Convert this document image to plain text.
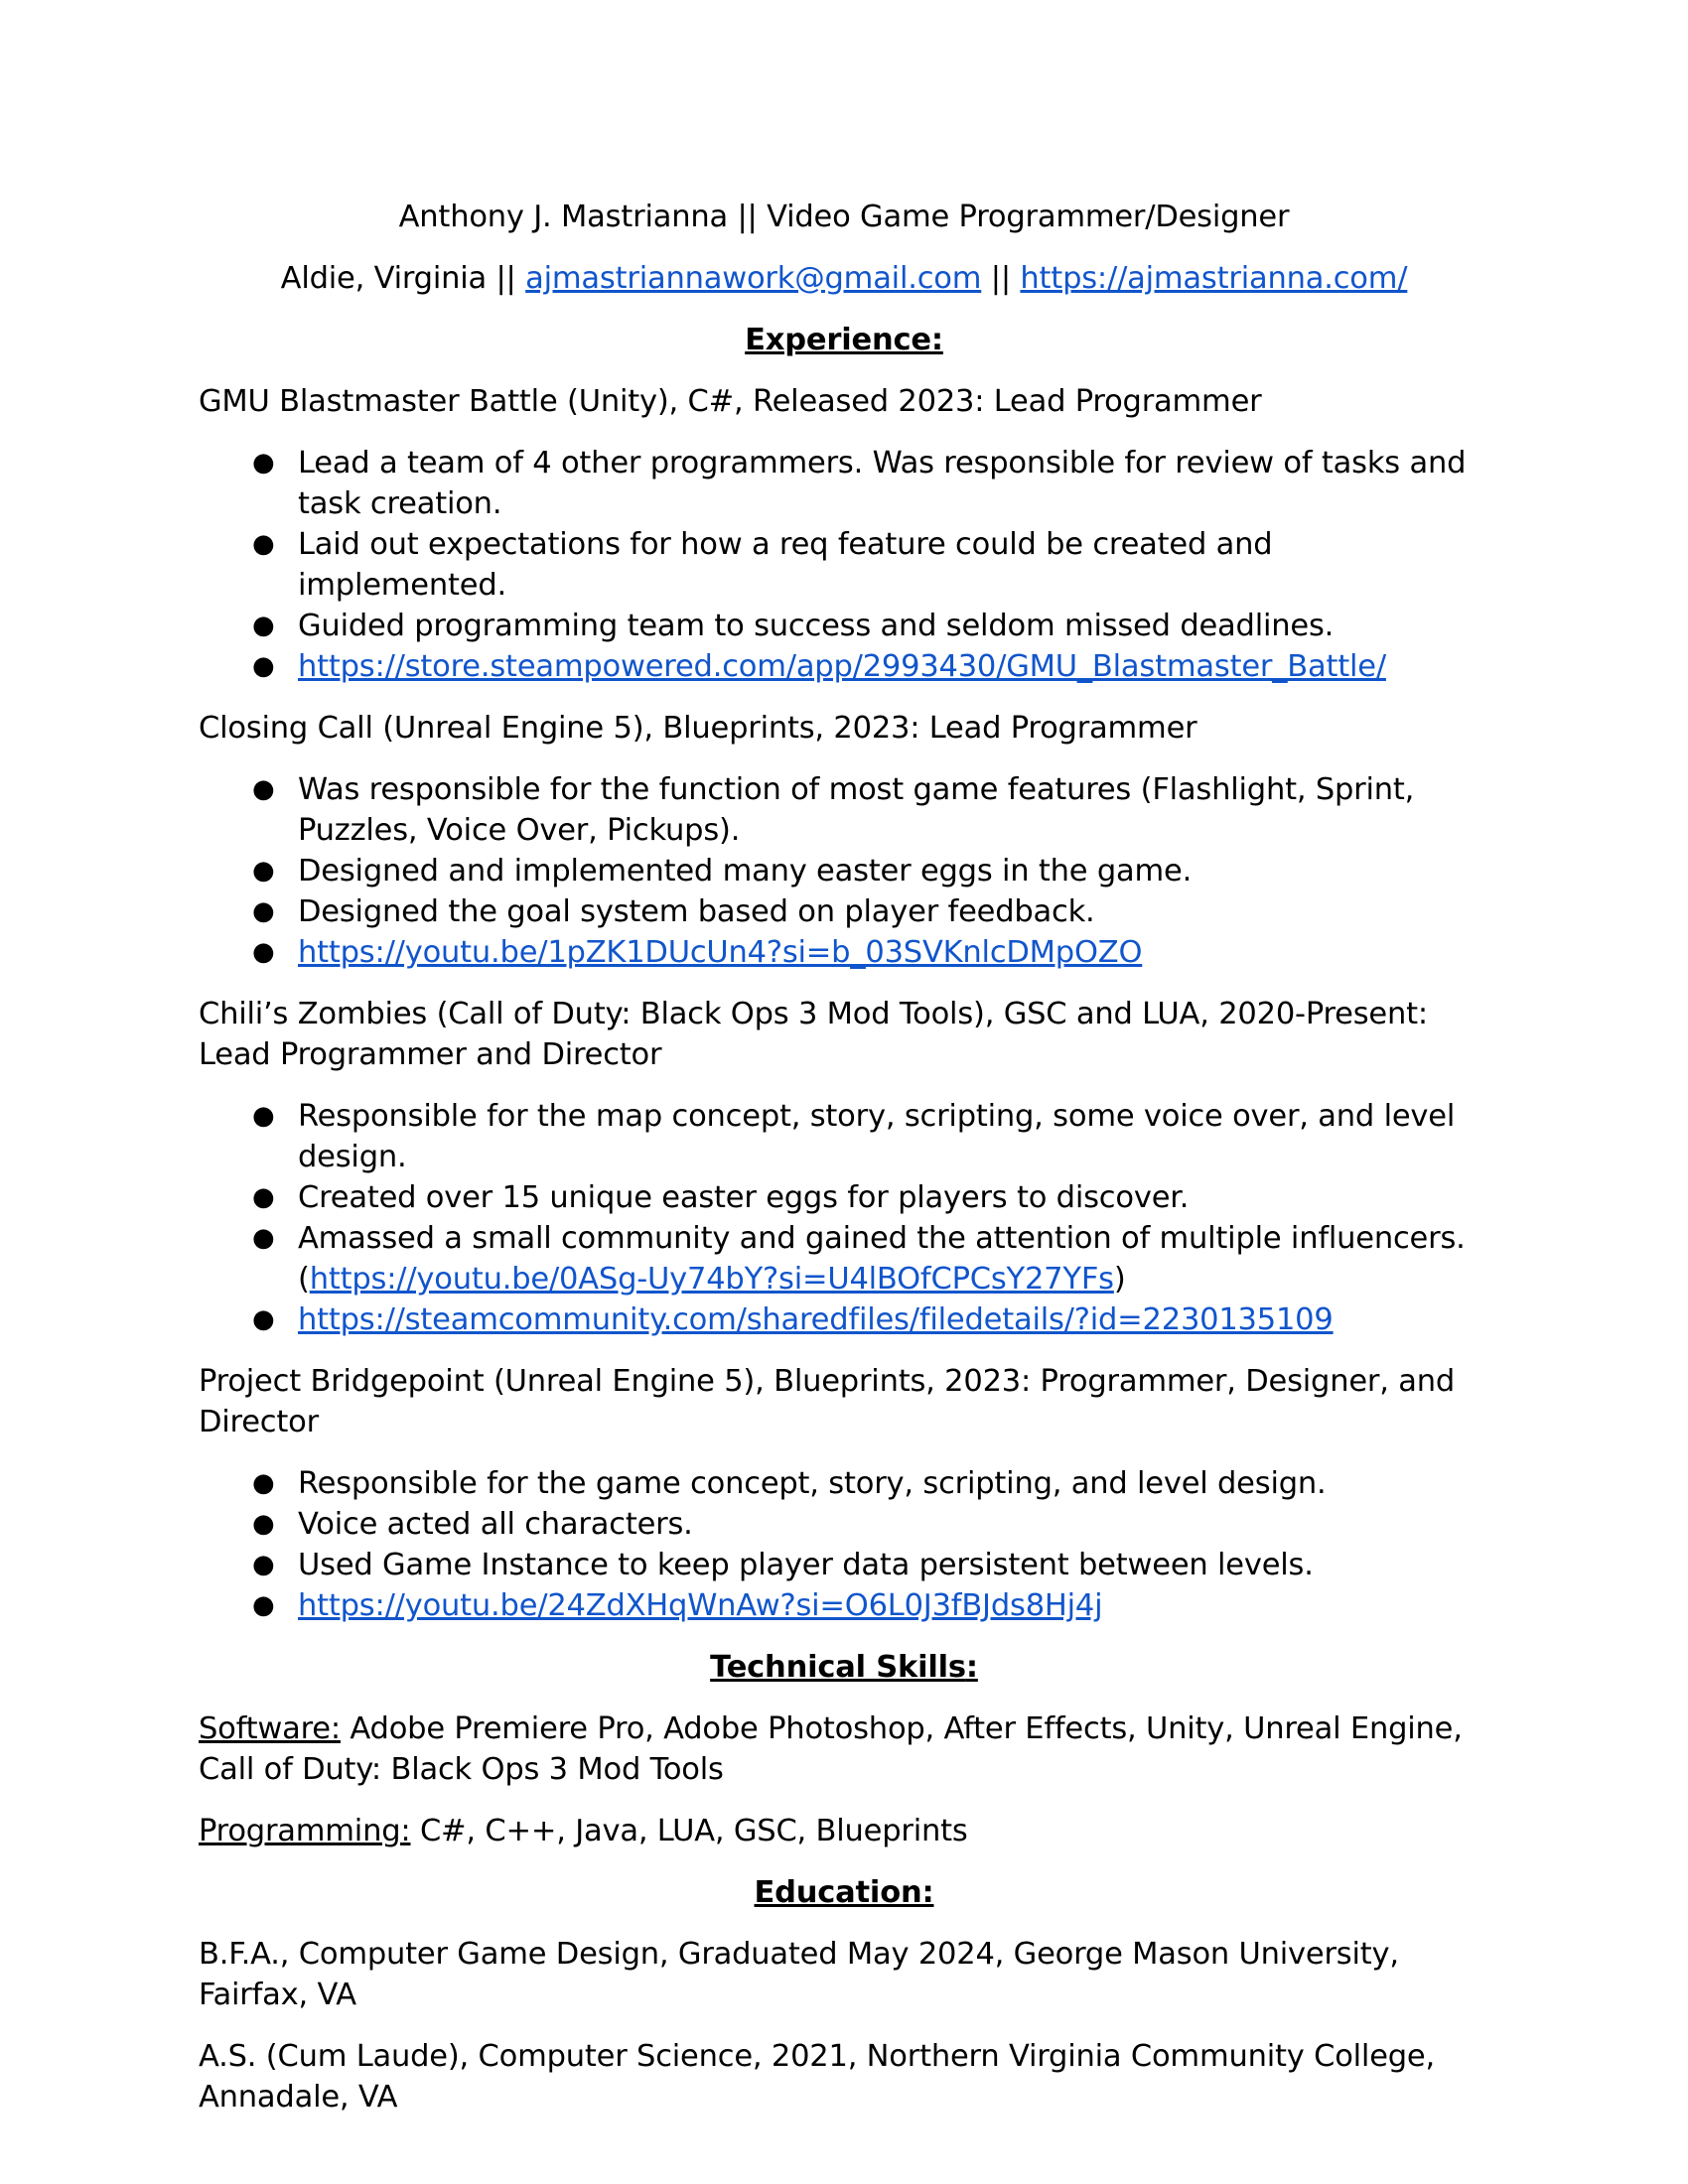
Anthony J. Mastrianna || Video Game Programmer/Designer

Aldie, Virginia || ajmastriannawork@gmail.com || https://ajmastrianna.com/

Experience:

GMU Blastmaster Battle (Unity), C#, Released 2023: Lead Programmer

● Lead a team of 4 other programmers. Was responsible for review of tasks and task creation.
● Laid out expectations for how a req feature could be created and implemented.
● Guided programming team to success and seldom missed deadlines.
● https://store.steampowered.com/app/2993430/GMU_Blastmaster_Battle/

Closing Call (Unreal Engine 5), Blueprints, 2023: Lead Programmer

● Was responsible for the function of most game features (Flashlight, Sprint, Puzzles, Voice Over, Pickups).
● Designed and implemented many easter eggs in the game.
● Designed the goal system based on player feedback.
● https://youtu.be/1pZK1DUcUn4?si=b_03SVKnlcDMpOZO

Chili’s Zombies (Call of Duty: Black Ops 3 Mod Tools), GSC and LUA, 2020-Present: Lead Programmer and Director

● Responsible for the map concept, story, scripting, some voice over, and level design.
● Created over 15 unique easter eggs for players to discover.
● Amassed a small community and gained the attention of multiple influencers.
(https://youtu.be/0ASg-Uy74bY?si=U4lBOfCPCsY27YFs)
● https://steamcommunity.com/sharedfiles/filedetails/?id=2230135109

Project Bridgepoint (Unreal Engine 5), Blueprints, 2023: Programmer, Designer, and Director

● Responsible for the game concept, story, scripting, and level design.
● Voice acted all characters.
● Used Game Instance to keep player data persistent between levels.
● https://youtu.be/24ZdXHqWnAw?si=O6L0J3fBJds8Hj4j

Technical Skills:

Software: Adobe Premiere Pro, Adobe Photoshop, After Effects, Unity, Unreal Engine, Call of Duty: Black Ops 3 Mod Tools

Programming: C#, C++, Java, LUA, GSC, Blueprints

Education:

B.F.A., Computer Game Design, Graduated May 2024, George Mason University, Fairfax, VA

A.S. (Cum Laude), Computer Science, 2021, Northern Virginia Community College, Annadale, VA
